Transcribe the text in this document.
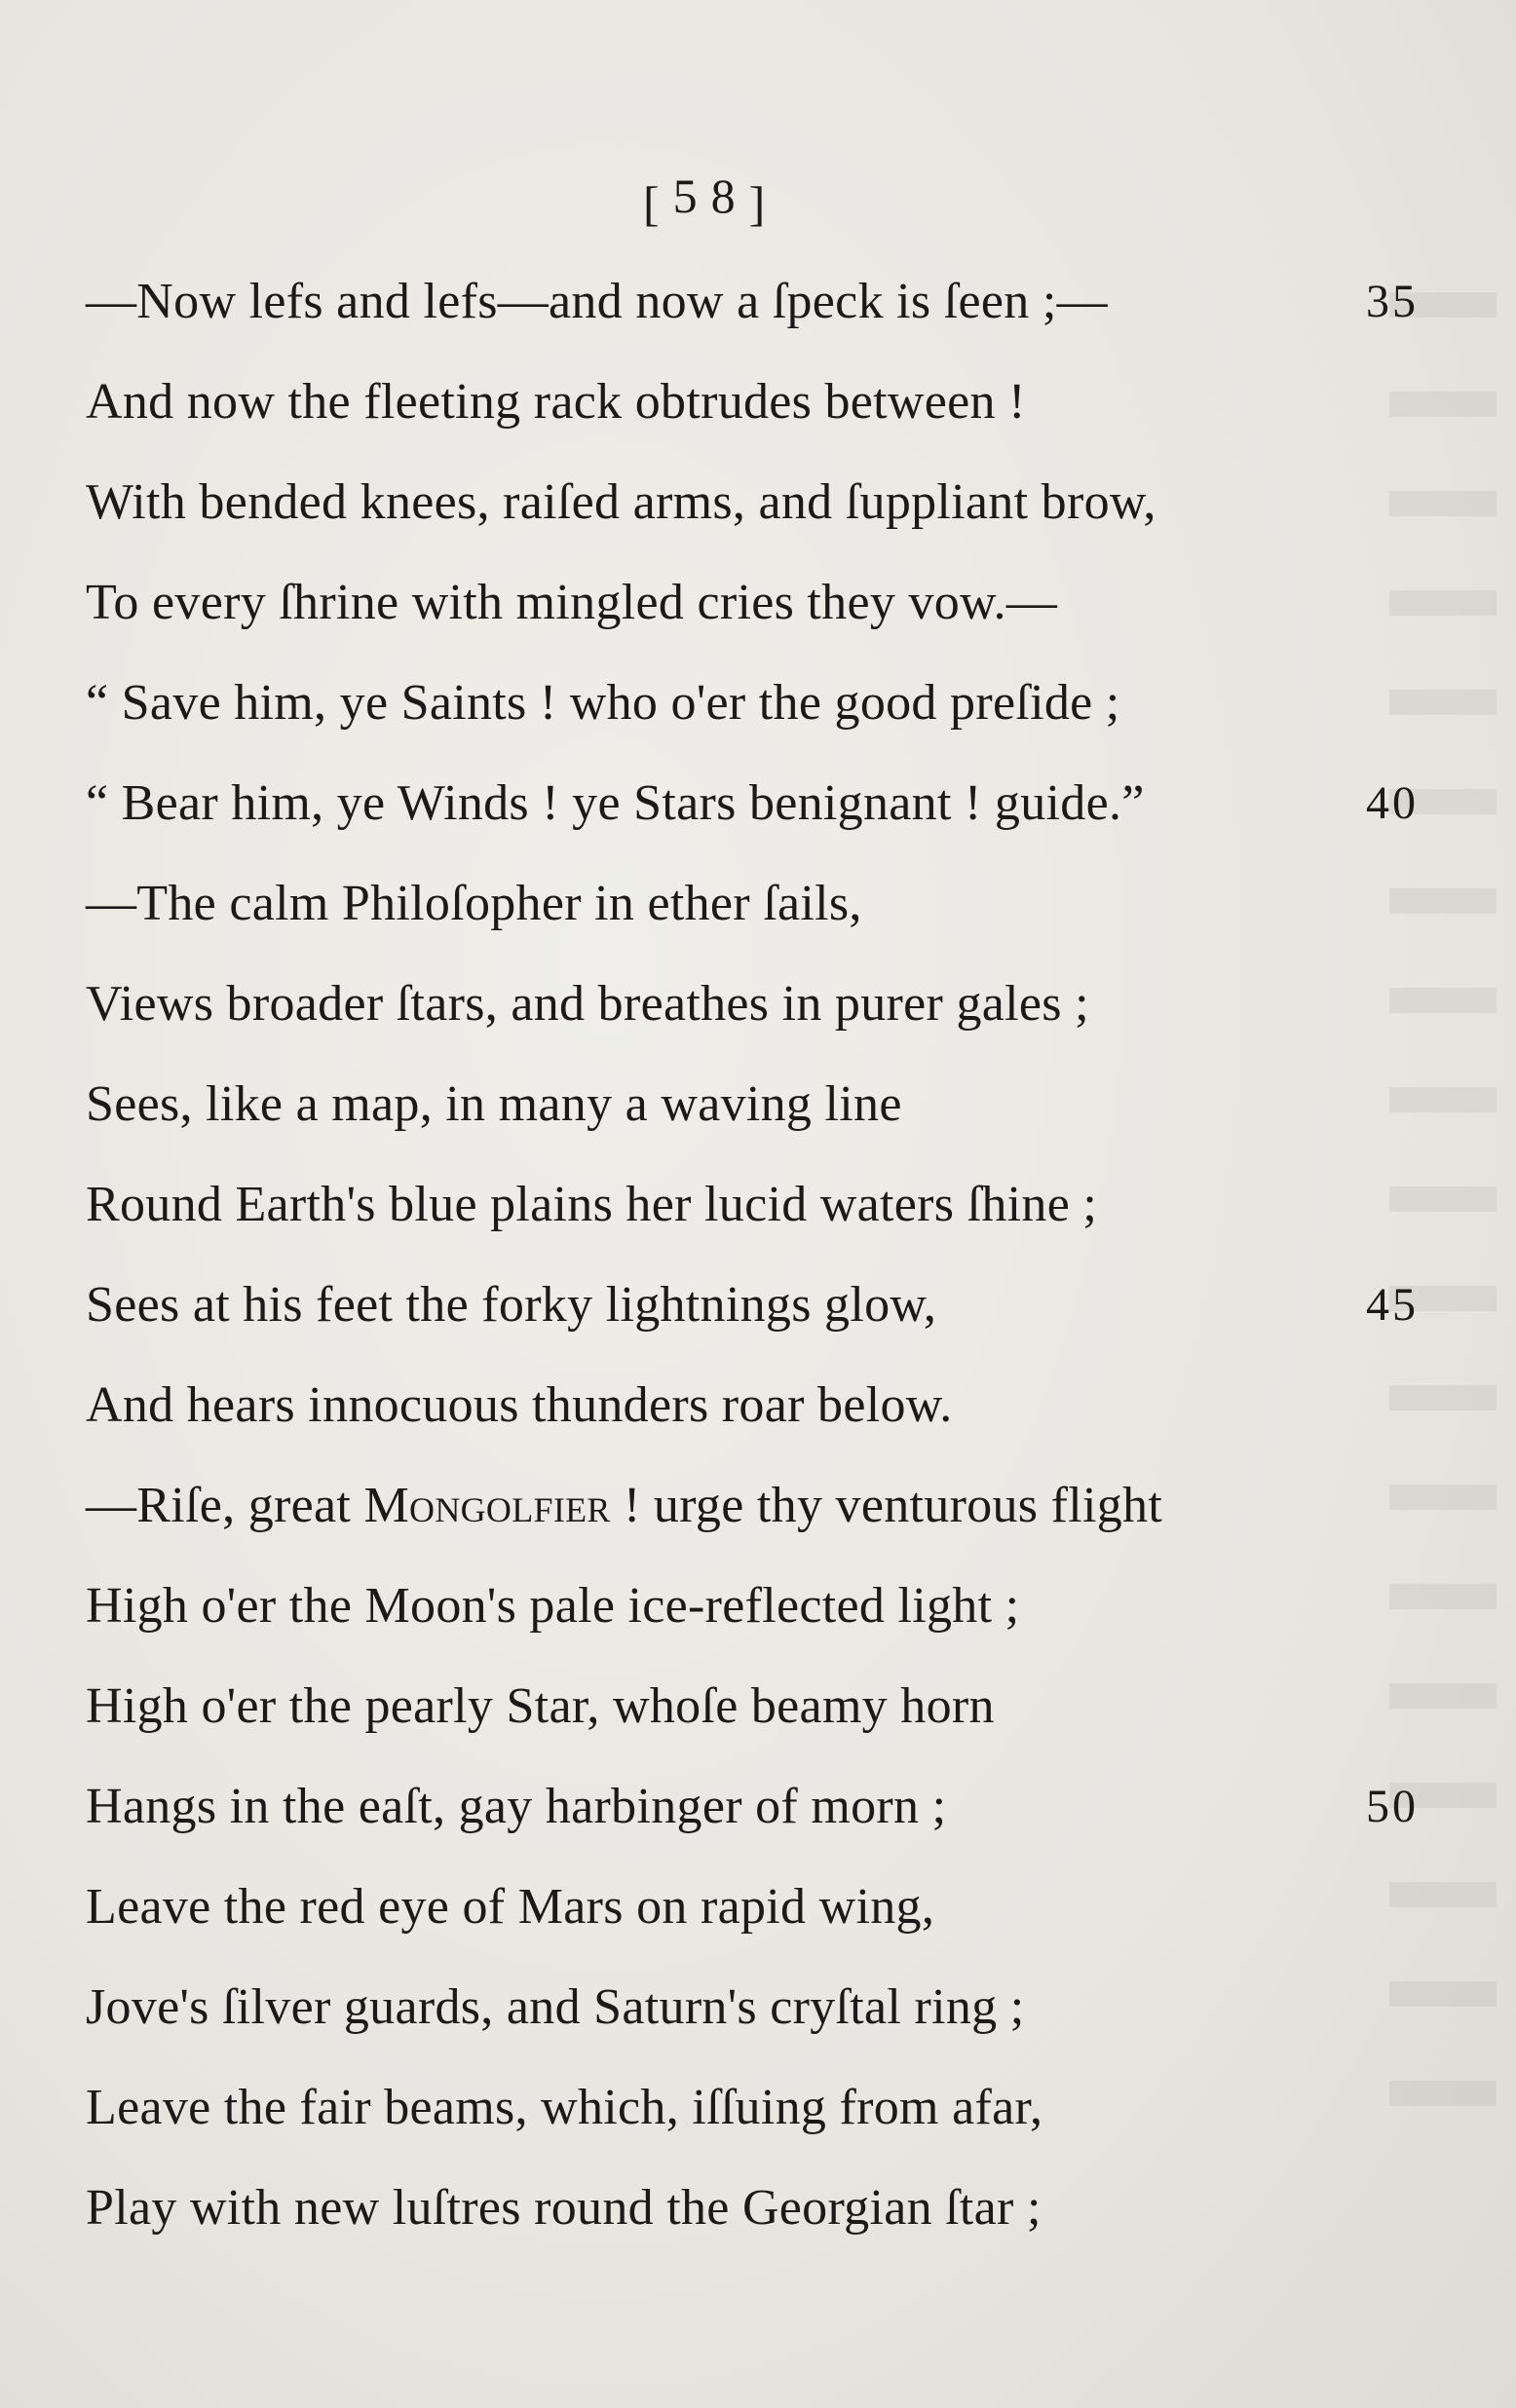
[58]
—Now lefs and lefs—and now a ſpeck is ſeen ;—	35
And now the fleeting rack obtrudes between !
With bended knees, raiſed arms, and ſuppliant brow,
To every ſhrine with mingled cries they vow.—
“ Save him, ye Saints ! who o'er the good preſide ;
“ Bear him, ye Winds ! ye Stars benignant ! guide.”	40
—The calm Philoſopher in ether ſails,
Views broader ſtars, and breathes in purer gales ;
Sees, like a map, in many a waving line
Round Earth's blue plains her lucid waters ſhine ;
Sees at his feet the forky lightnings glow,	45
And hears innocuous thunders roar below.
—Riſe, great Mongolfier ! urge thy venturous flight
High o'er the Moon's pale ice-reflected light ;
High o'er the pearly Star, whoſe beamy horn
Hangs in the eaſt, gay harbinger of morn ;	50
Leave the red eye of Mars on rapid wing,
Jove's ſilver guards, and Saturn's cryſtal ring ;
Leave the fair beams, which, iſſuing from afar,
Play with new luſtres round the Georgian ſtar ;
